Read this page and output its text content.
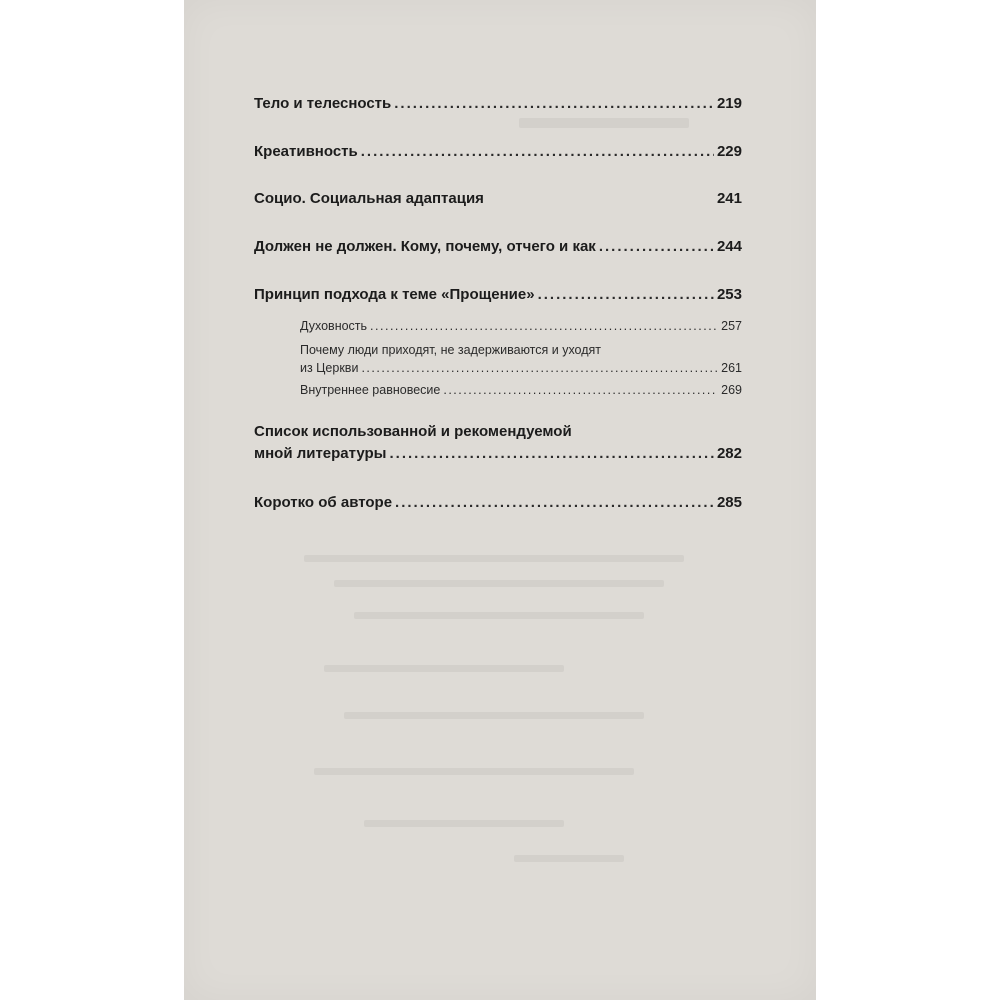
Тело и телесность .....	219
Креативность .....	229
Социо. Социальная адаптация	241
Должен не должен. Кому, почему, отчего и как .....	244
Принцип подхода к теме «Прощение» .....	253
Духовность .....	257
Почему люди приходят, не задерживаются и уходят
из Церкви .....	261
Внутреннее равновесие .....	269
Список использованной и рекомендуемой
мной литературы .....	282
Коротко об авторе .....	285
